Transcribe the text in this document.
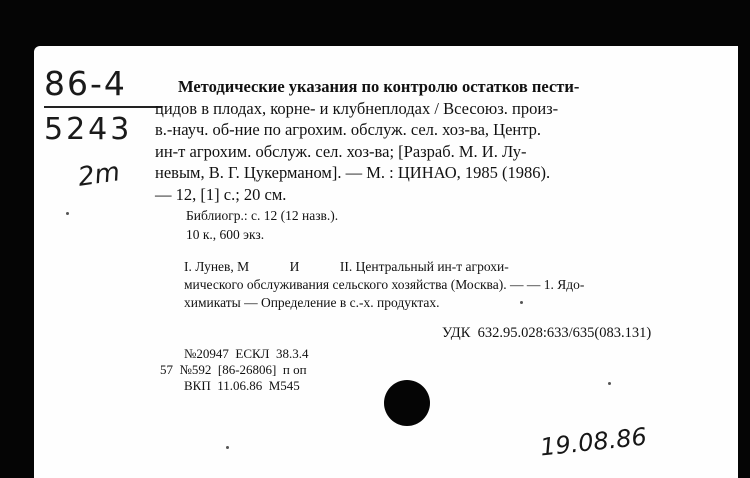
86-4
5243
2m
Методические указания по контролю остатков пести-
цидов в плодах, корне- и клубнеплодах / Всесоюз. произ-
в.-науч. об-ние по агрохим. обслуж. сел. хоз-ва, Центр.
ин-т агрохим. обслуж. сел. хоз-ва; [Разраб. М. И. Лу-
невым, В. Г. Цукерманом]. — М. : ЦИНАО, 1985 (1986).
— 12, [1] с.; 20 см.
Библиогр.: с. 12 (12 назв.).
10 к., 600 экз.
I. Лунев, М            И            II. Центральный ин-т агрохи-
мического обслуживания сельского хозяйства (Москва). — — 1. Ядо-
химикаты — Определение в с.-х. продуктах.
УДК  632.95.028:633/635(083.131)
№20947  ЕСКЛ  38.3.4
57  №592  [86-26806]  п оп
ВКП  11.06.86  М545
19.08.86
